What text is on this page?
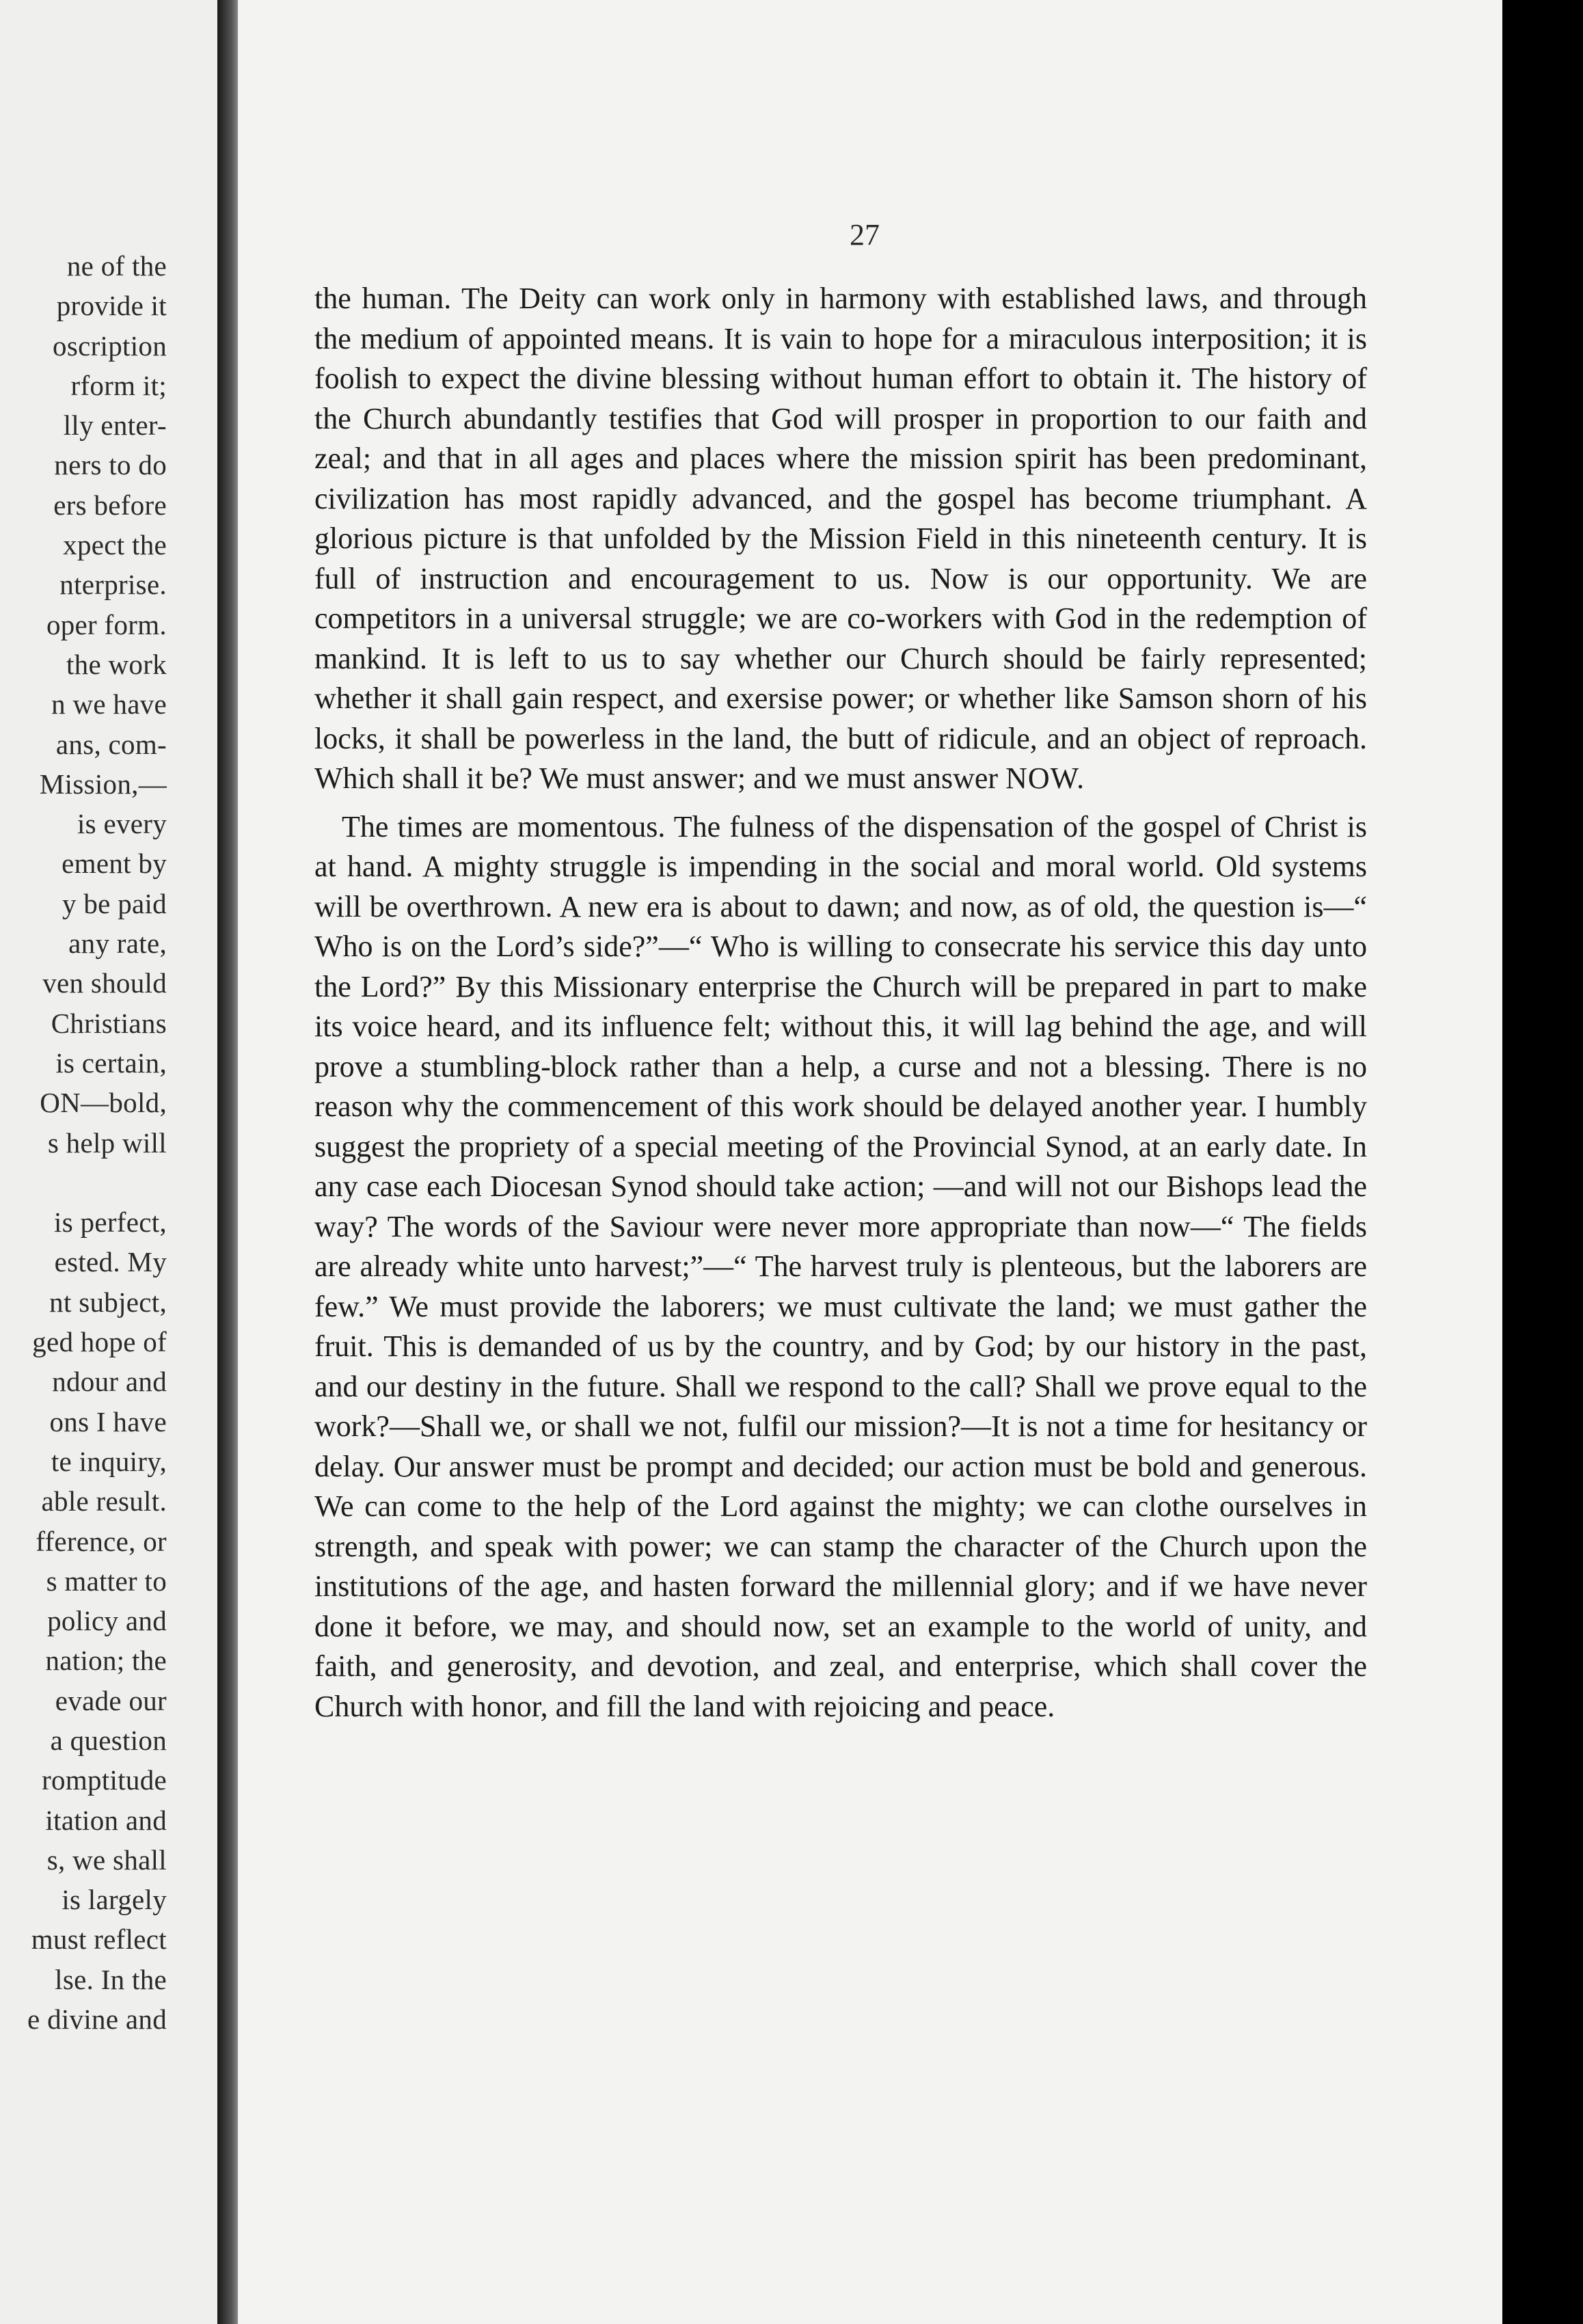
ne of the
provide it
oscription
rform it;
lly enter-
ners to do
ers before
xpect the
nterprise.
oper form.
the work
n we have
ans, com-
Mission,—
is every
ement by
y be paid
any rate,
ven should
Christians
is certain,
ON—bold,
s help will

is perfect,
ested. My
nt subject,
ged hope of
ndour and
ons I have
te inquiry,
able result.
fference, or
s matter to
policy and
nation; the
evade our
a question
romptitude
itation and
s, we shall
is largely
must reflect
lse. In the
e divine and
27

the human. The Deity can work only in harmony with established laws, and through the medium of appointed means. It is vain to hope for a miraculous interposition; it is foolish to expect the divine blessing without human effort to obtain it. The history of the Church abundantly testifies that God will prosper in proportion to our faith and zeal; and that in all ages and places where the mission spirit has been predominant, civilization has most rapidly advanced, and the gospel has become triumphant. A glorious picture is that unfolded by the Mission Field in this nineteenth century. It is full of instruction and encouragement to us. Now is our opportunity. We are competitors in a universal struggle; we are co-workers with God in the redemption of mankind. It is left to us to say whether our Church should be fairly represented; whether it shall gain respect, and exersise power; or whether like Samson shorn of his locks, it shall be powerless in the land, the butt of ridicule, and an object of reproach. Which shall it be? We must answer; and we must answer NOW.

The times are momentous. The fulness of the dispensation of the gospel of Christ is at hand. A mighty struggle is impending in the social and moral world. Old systems will be overthrown. A new era is about to dawn; and now, as of old, the question is—“ Who is on the Lord’s side?”—“ Who is willing to consecrate his service this day unto the Lord?” By this Missionary enterprise the Church will be prepared in part to make its voice heard, and its influence felt; without this, it will lag behind the age, and will prove a stumbling-block rather than a help, a curse and not a blessing. There is no reason why the commencement of this work should be delayed another year. I humbly suggest the propriety of a special meeting of the Provincial Synod, at an early date. In any case each Diocesan Synod should take action; —and will not our Bishops lead the way? The words of the Saviour were never more appropriate than now—“ The fields are already white unto harvest;”—“ The harvest truly is plenteous, but the laborers are few.” We must provide the laborers; we must cultivate the land; we must gather the fruit. This is demanded of us by the country, and by God; by our history in the past, and our destiny in the future. Shall we respond to the call? Shall we prove equal to the work?—Shall we, or shall we not, fulfil our mission?—It is not a time for hesitancy or delay. Our answer must be prompt and decided; our action must be bold and generous. We can come to the help of the Lord against the mighty; we can clothe ourselves in strength, and speak with power; we can stamp the character of the Church upon the institutions of the age, and hasten forward the millennial glory; and if we have never done it before, we may, and should now, set an example to the world of unity, and faith, and generosity, and devotion, and zeal, and enterprise, which shall cover the Church with honor, and fill the land with rejoicing and peace.
